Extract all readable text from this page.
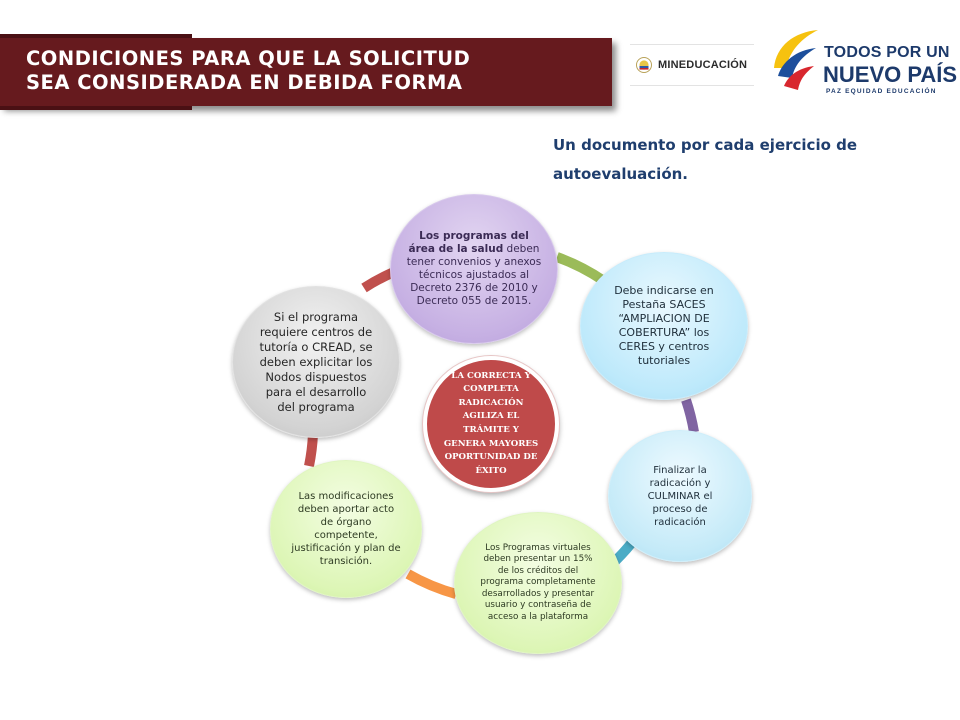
CONDICIONES PARA QUE LA SOLICITUD
SEA CONSIDERADA EN DEBIDA FORMA
MINEDUCACIÓN
TODOS POR UN
NUEVO PAÍS
PAZ EQUIDAD EDUCACIÓN

Un documento por cada ejercicio de autoevaluación.

Los programas del área de la salud deben tener convenios y anexos técnicos ajustados al Decreto 2376 de 2010 y Decreto 055 de 2015.
Debe indicarse en Pestaña SACES “AMPLIACION DE COBERTURA” los CERES y centros tutoriales
Finalizar la radicación y CULMINAR el proceso de radicación
Los Programas virtuales deben presentar un 15% de los créditos del programa completamente desarrollados y presentar usuario y contraseña de acceso a la plataforma
Las modificaciones deben aportar acto de órgano competente, justificación y plan de transición.
Si el programa requiere centros de tutoría o CREAD, se deben explicitar los Nodos dispuestos para el desarrollo del programa
LA CORRECTA Y COMPLETA RADICACIÓN AGILIZA EL TRÁMITE Y GENERA MAYORES OPORTUNIDAD DE ÉXITO
